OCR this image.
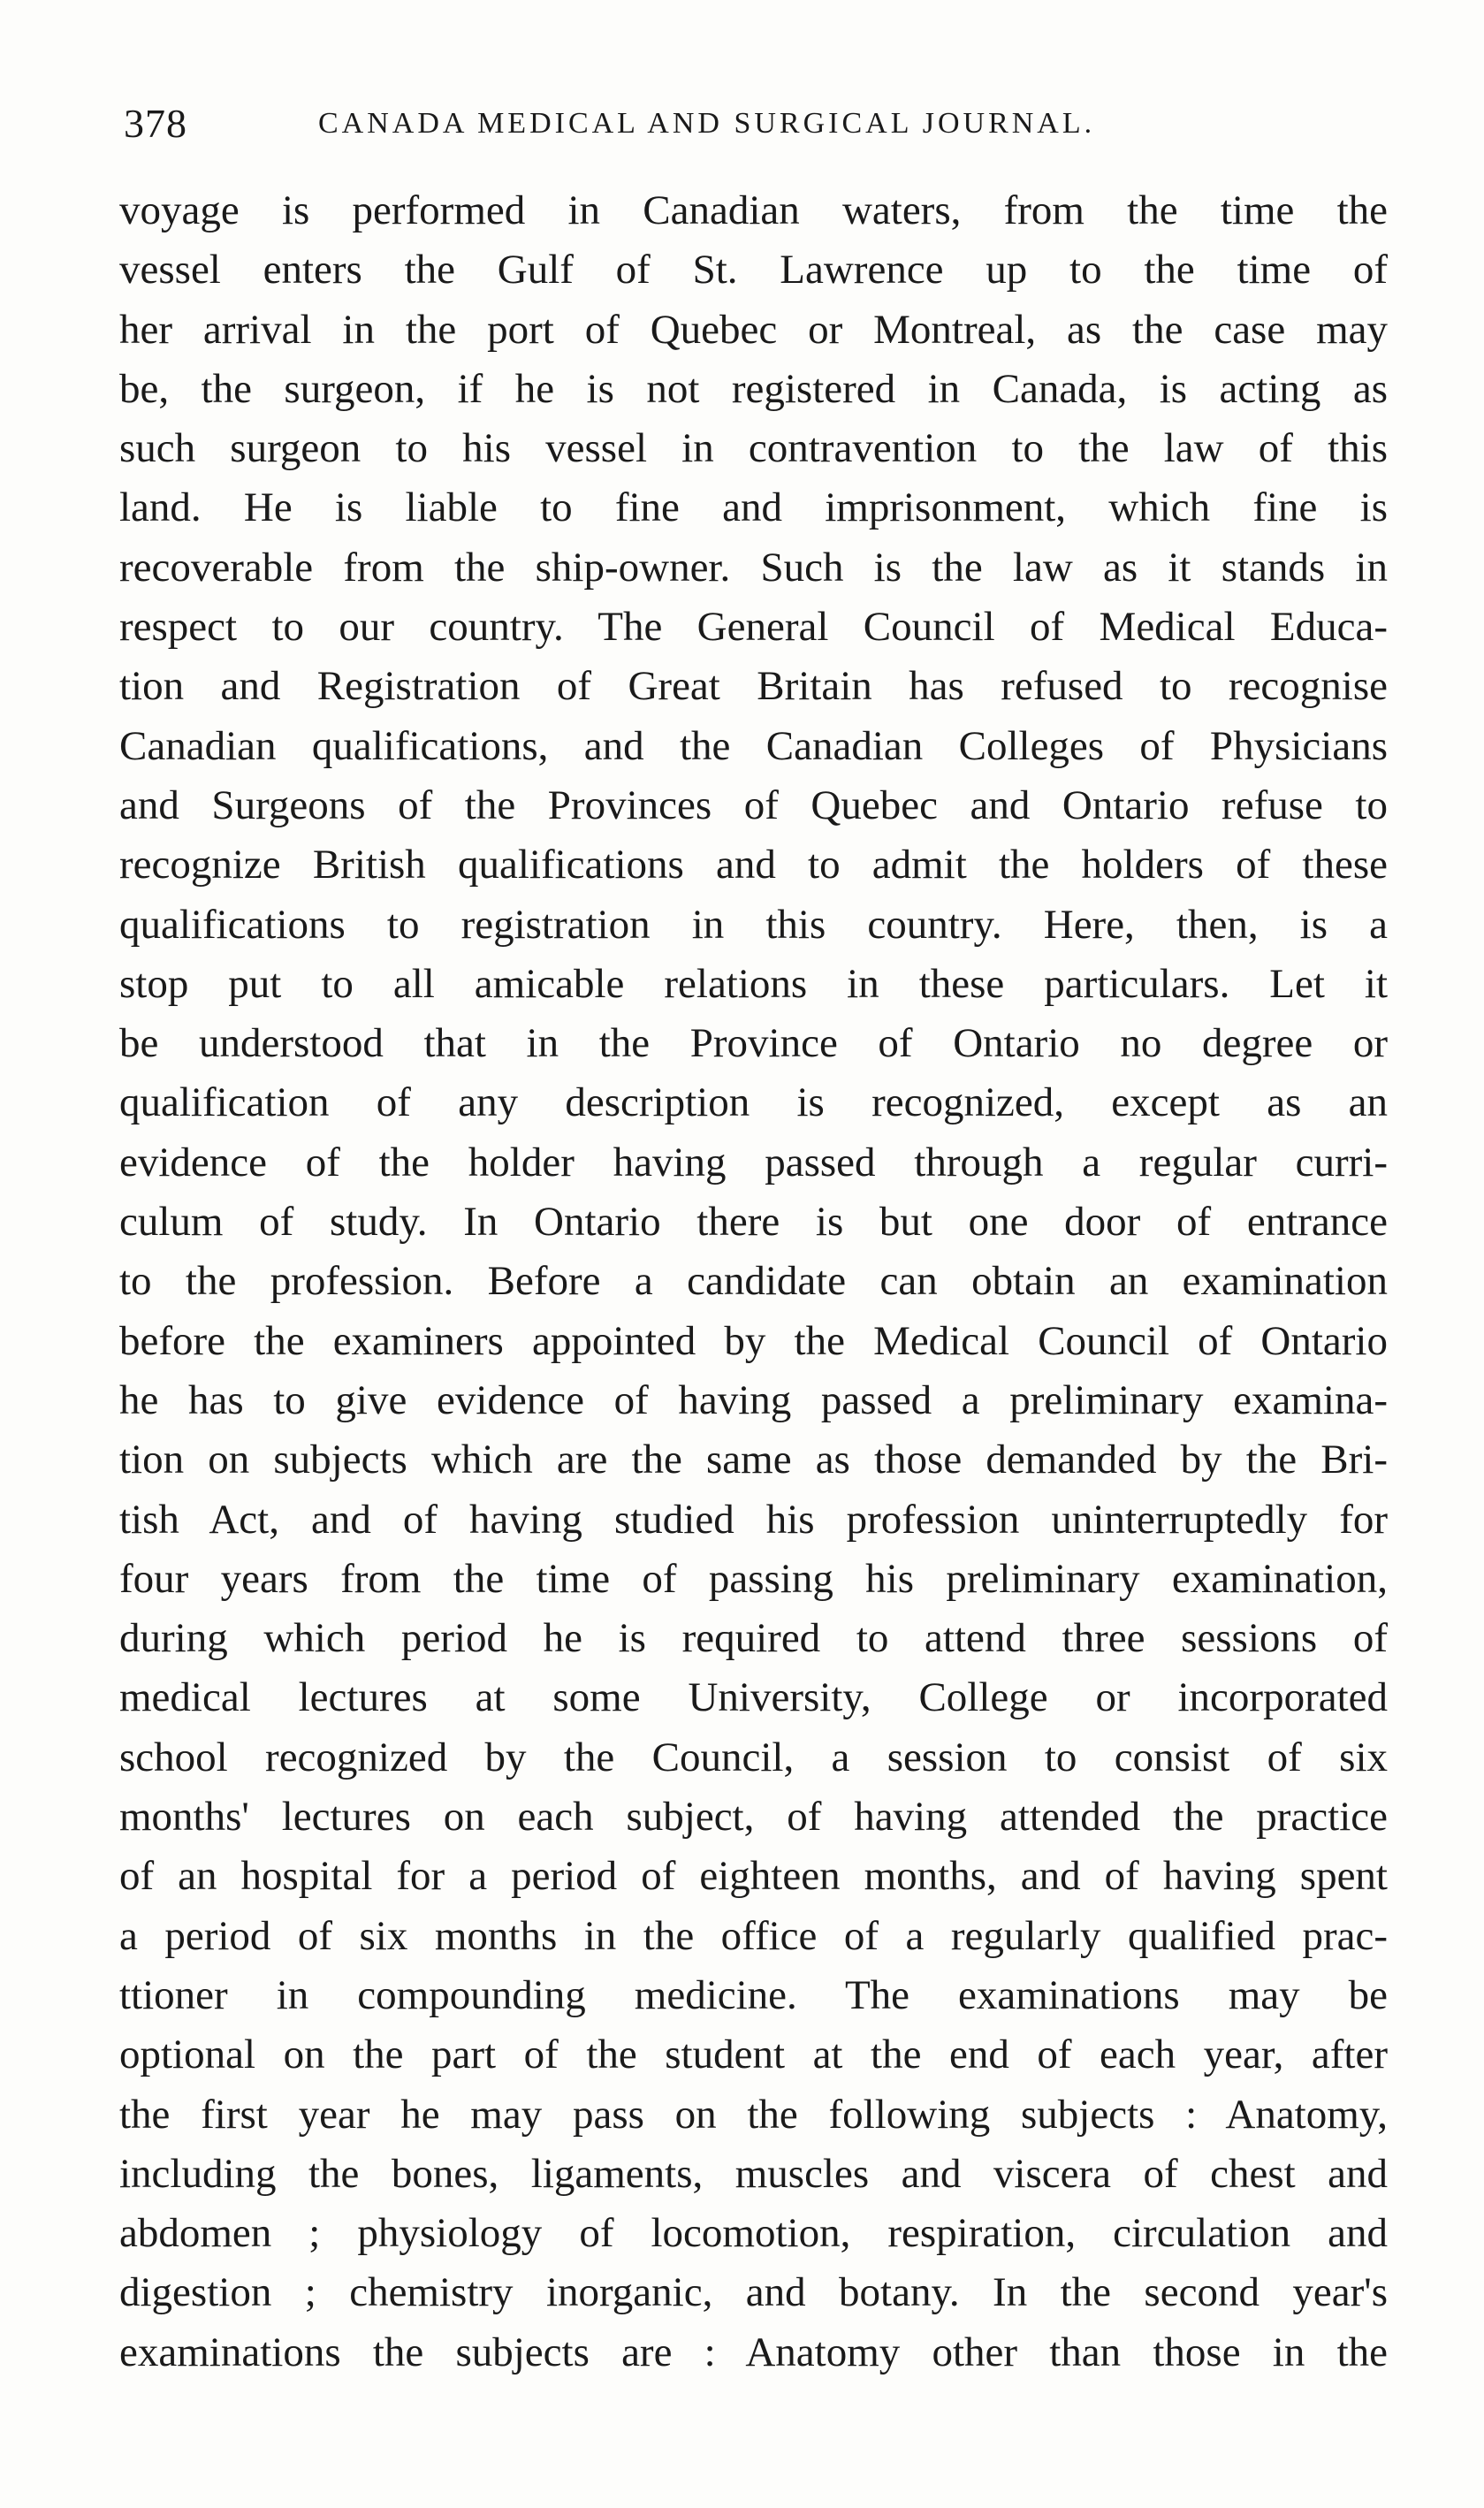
378	CANADA MEDICAL AND SURGICAL JOURNAL.
voyage is performed in Canadian waters, from the time the
vessel enters the Gulf of St. Lawrence up to the time of
her arrival in the port of Quebec or Montreal, as the case may
be, the surgeon, if he is not registered in Canada, is acting as
such surgeon to his vessel in contravention to the law of this
land. He is liable to fine and imprisonment, which fine is
recoverable from the ship-owner. Such is the law as it stands in
respect to our country. The General Council of Medical Educa-
tion and Registration of Great Britain has refused to recognise
Canadian qualifications, and the Canadian Colleges of Physicians
and Surgeons of the Provinces of Quebec and Ontario refuse to
recognize British qualifications and to admit the holders of these
qualifications to registration in this country. Here, then, is a
stop put to all amicable relations in these particulars. Let it
be understood that in the Province of Ontario no degree or
qualification of any description is recognized, except as an
evidence of the holder having passed through a regular curri-
culum of study. In Ontario there is but one door of entrance
to the profession. Before a candidate can obtain an examination
before the examiners appointed by the Medical Council of Ontario
he has to give evidence of having passed a preliminary examina-
tion on subjects which are the same as those demanded by the Bri-
tish Act, and of having studied his profession uninterruptedly for
four years from the time of passing his preliminary examination,
during which period he is required to attend three sessions of
medical lectures at some University, College or incorporated
school recognized by the Council, a session to consist of six
months' lectures on each subject, of having attended the practice
of an hospital for a period of eighteen months, and of having spent
a period of six months in the office of a regularly qualified prac-
ttioner in compounding medicine. The examinations may be
optional on the part of the student at the end of each year, after
the first year he may pass on the following subjects : Anatomy,
including the bones, ligaments, muscles and viscera of chest and
abdomen ; physiology of locomotion, respiration, circulation and
digestion ; chemistry inorganic, and botany. In the second year's
examinations the subjects are : Anatomy other than those in the
